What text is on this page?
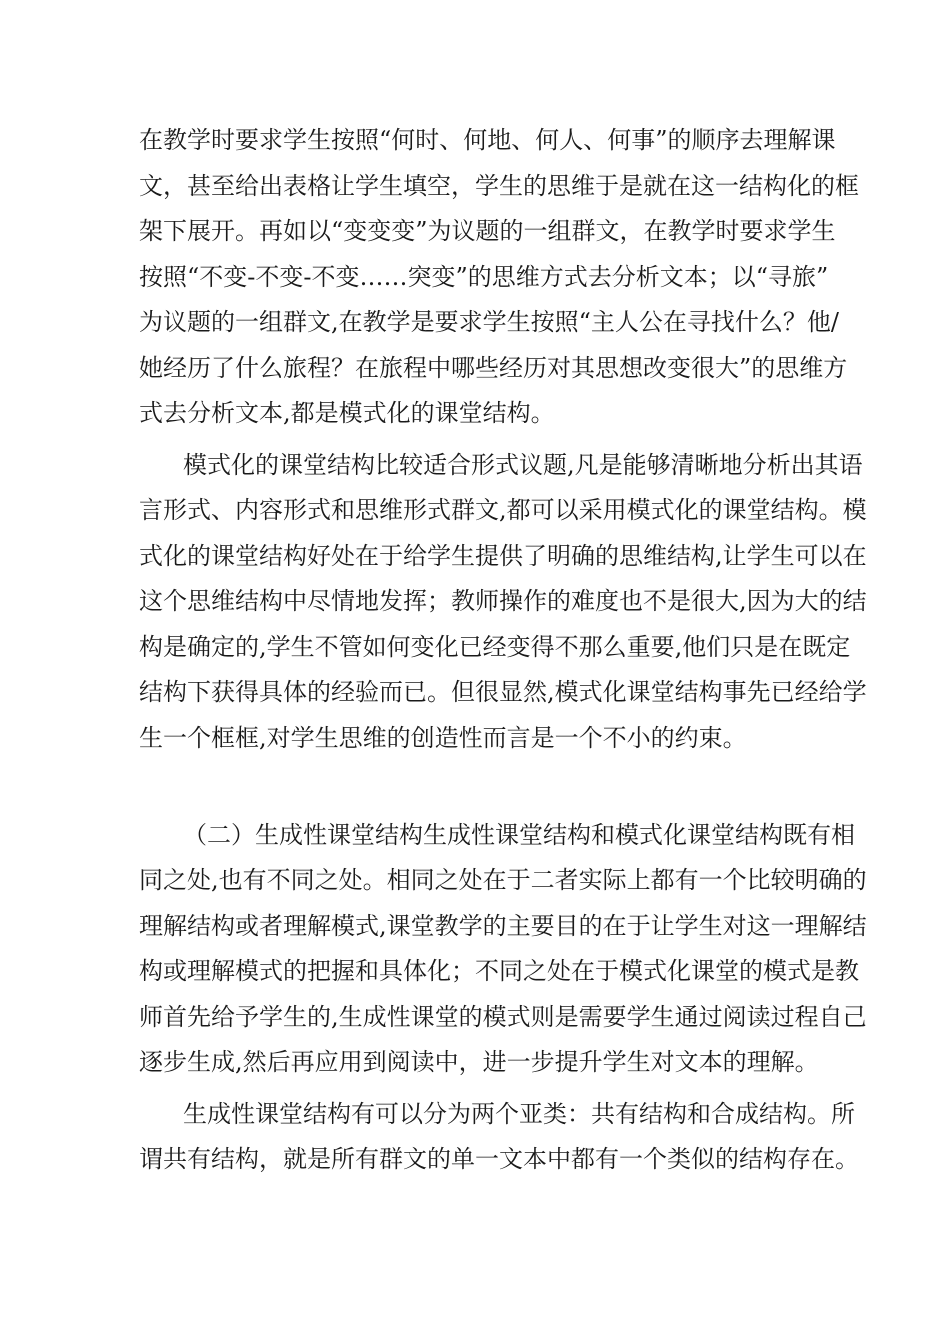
在教学时要求学生按照“何时、何地、何人、何事”的顺序去理解课
文，甚至给出表格让学生填空，学生的思维于是就在这一结构化的框
架下展开。再如以“变变变”为议题的一组群文，在教学时要求学生
按照“不变-不变-不变……突变”的思维方式去分析文本；以“寻旅”
为议题的一组群文,在教学是要求学生按照“主人公在寻找什么？他/
她经历了什么旅程？在旅程中哪些经历对其思想改变很大”的思维方
式去分析文本,都是模式化的课堂结构。
模式化的课堂结构比较适合形式议题,凡是能够清晰地分析出其语
言形式、内容形式和思维形式群文,都可以采用模式化的课堂结构。模
式化的课堂结构好处在于给学生提供了明确的思维结构,让学生可以在
这个思维结构中尽情地发挥；教师操作的难度也不是很大,因为大的结
构是确定的,学生不管如何变化已经变得不那么重要,他们只是在既定
结构下获得具体的经验而已。但很显然,模式化课堂结构事先已经给学
生一个框框,对学生思维的创造性而言是一个不小的约束。
（二）生成性课堂结构生成性课堂结构和模式化课堂结构既有相
同之处,也有不同之处。相同之处在于二者实际上都有一个比较明确的
理解结构或者理解模式,课堂教学的主要目的在于让学生对这一理解结
构或理解模式的把握和具体化；不同之处在于模式化课堂的模式是教
师首先给予学生的,生成性课堂的模式则是需要学生通过阅读过程自己
逐步生成,然后再应用到阅读中，进一步提升学生对文本的理解。
生成性课堂结构有可以分为两个亚类：共有结构和合成结构。所
谓共有结构，就是所有群文的单一文本中都有一个类似的结构存在。
